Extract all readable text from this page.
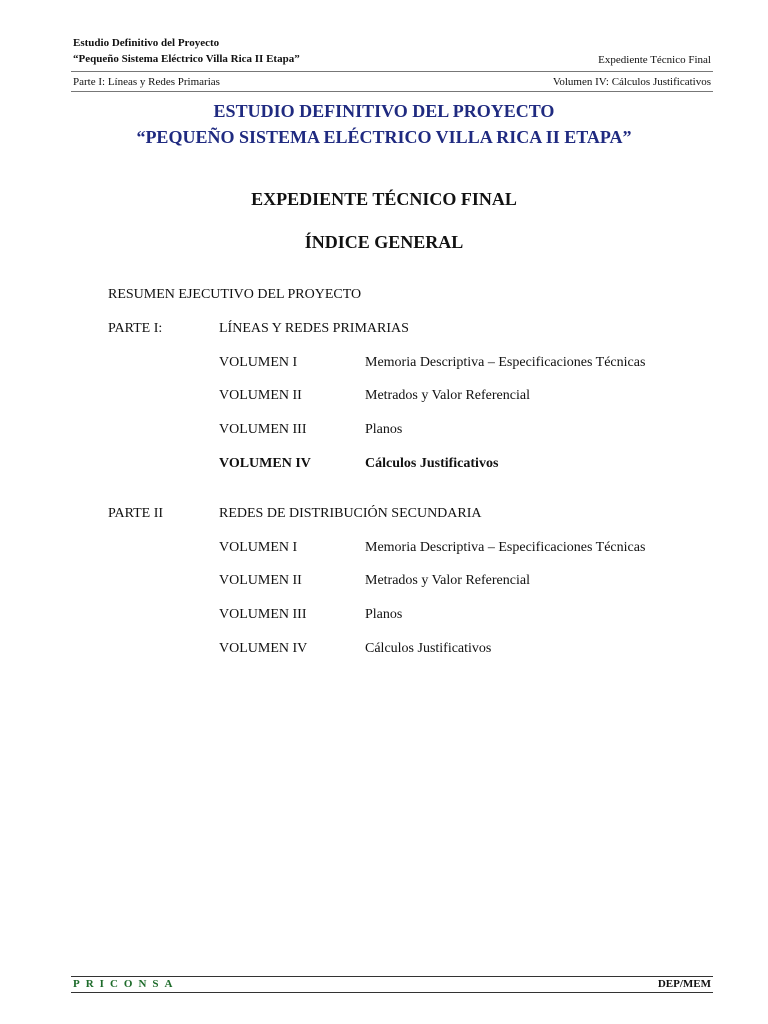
Estudio Definitivo del Proyecto
“Pequeño Sistema Eléctrico Villa Rica II Etapa”	Expediente Técnico Final
Parte I: Líneas y Redes Primarias	Volumen IV: Cálculos Justificativos
ESTUDIO DEFINITIVO DEL PROYECTO
“PEQUEÑO SISTEMA ELÉCTRICO VILLA RICA II ETAPA”
EXPEDIENTE TÉCNICO FINAL
ÍNDICE GENERAL
RESUMEN EJECUTIVO DEL PROYECTO
PARTE I:	LÍNEAS Y REDES PRIMARIAS
VOLUMEN I	Memoria Descriptiva – Especificaciones Técnicas
VOLUMEN II	Metrados y Valor Referencial
VOLUMEN III	Planos
VOLUMEN IV	Cálculos Justificativos
PARTE II	REDES DE DISTRIBUCIÓN SECUNDARIA
VOLUMEN I	Memoria Descriptiva – Especificaciones Técnicas
VOLUMEN II	Metrados y Valor Referencial
VOLUMEN III	Planos
VOLUMEN IV	Cálculos Justificativos
PRICONSA	DEP/MEM
